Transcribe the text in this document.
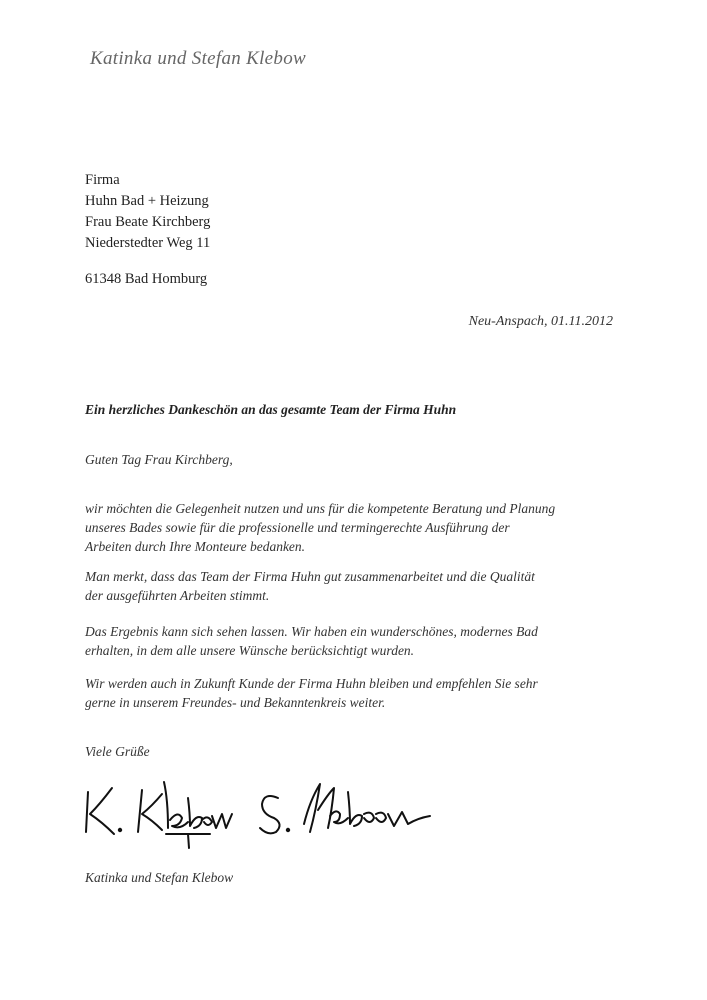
Katinka und Stefan Klebow
Firma
Huhn Bad + Heizung
Frau Beate Kirchberg
Niederstedter Weg 11
61348 Bad Homburg
Neu-Anspach, 01.11.2012
Ein herzliches Dankeschön an das gesamte Team der Firma Huhn
Guten Tag Frau Kirchberg,
wir möchten die Gelegenheit nutzen und uns für die kompetente Beratung und Planung
unseres Bades sowie für die professionelle und termingerechte Ausführung der
Arbeiten durch Ihre Monteure bedanken.
Man merkt, dass das Team der Firma Huhn gut zusammenarbeitet und die Qualität
der ausgeführten Arbeiten stimmt.
Das Ergebnis kann sich sehen lassen. Wir haben ein wunderschönes, modernes Bad
erhalten, in dem alle unsere Wünsche berücksichtigt wurden.
Wir werden auch in Zukunft Kunde der Firma Huhn bleiben und empfehlen Sie sehr
gerne in unserem Freundes- und Bekanntenkreis weiter.
Viele Grüße
Katinka und Stefan Klebow
